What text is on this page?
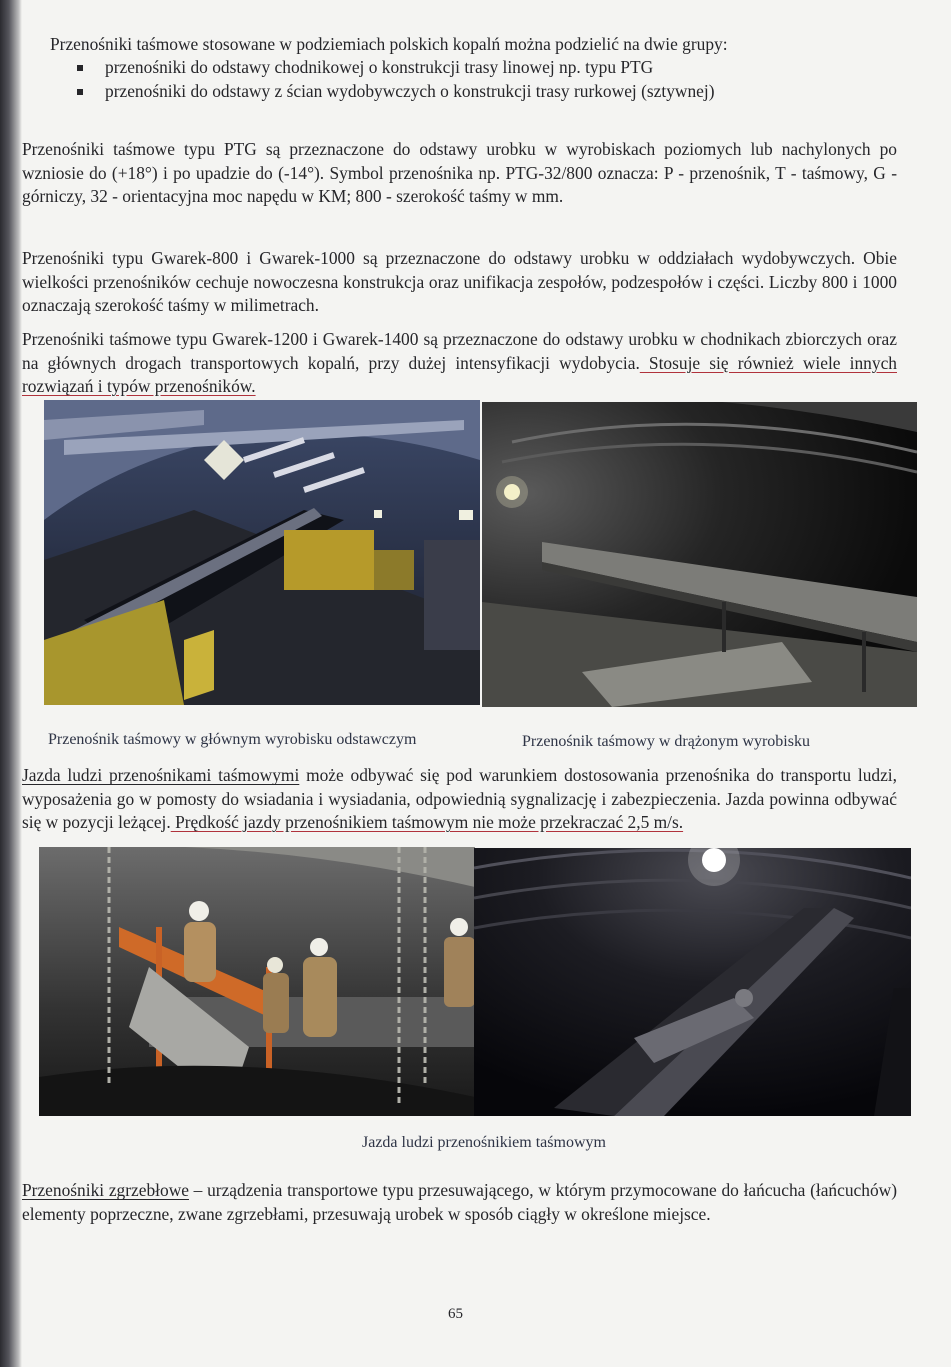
Przenośniki taśmowe stosowane w podziemiach polskich kopalń można podzielić na dwie grupy:

przenośniki do odstawy chodnikowej o konstrukcji trasy linowej np. typu PTG
przenośniki do odstawy z ścian wydobywczych o konstrukcji trasy rurkowej (sztywnej)

Przenośniki taśmowe typu PTG są przeznaczone do odstawy urobku w wyrobiskach poziomych lub nachylonych po wzniosie do (+18°) i po upadzie do (-14°). Symbol przenośnika np. PTG-32/800 oznacza: P - przenośnik, T - taśmowy, G - górniczy, 32 - orientacyjna moc napędu w KM; 800 - szerokość taśmy w mm.

Przenośniki typu Gwarek-800 i Gwarek-1000 są przeznaczone do odstawy urobku w oddziałach wydobywczych. Obie wielkości przenośników cechuje nowoczesna konstrukcja oraz unifikacja zespołów, podzespołów i części. Liczby 800 i 1000 oznaczają szerokość taśmy w milimetrach.

Przenośniki taśmowe typu Gwarek-1200 i Gwarek-1400 są przeznaczone do odstawy urobku w chodnikach zbiorczych oraz na głównych drogach transportowych kopalń, przy dużej intensyfikacji wydobycia. Stosuje się również wiele innych rozwiązań i typów przenośników.

Przenośnik taśmowy w głównym wyrobisku odstawczym	Przenośnik taśmowy w drążonym wyrobisku

Jazda ludzi przenośnikami taśmowymi może odbywać się pod warunkiem dostosowania przenośnika do transportu ludzi, wyposażenia go w pomosty do wsiadania i wysiadania, odpowiednią sygnalizację i zabezpieczenia. Jazda powinna odbywać się w pozycji leżącej. Prędkość jazdy przenośnikiem taśmowym nie może przekraczać 2,5 m/s.

Jazda ludzi przenośnikiem taśmowym

Przenośniki zgrzebłowe – urządzenia transportowe typu przesuwającego, w którym przymocowane do łańcucha (łańcuchów) elementy poprzeczne, zwane zgrzebłami, przesuwają urobek w sposób ciągły w określone miejsce.

65
